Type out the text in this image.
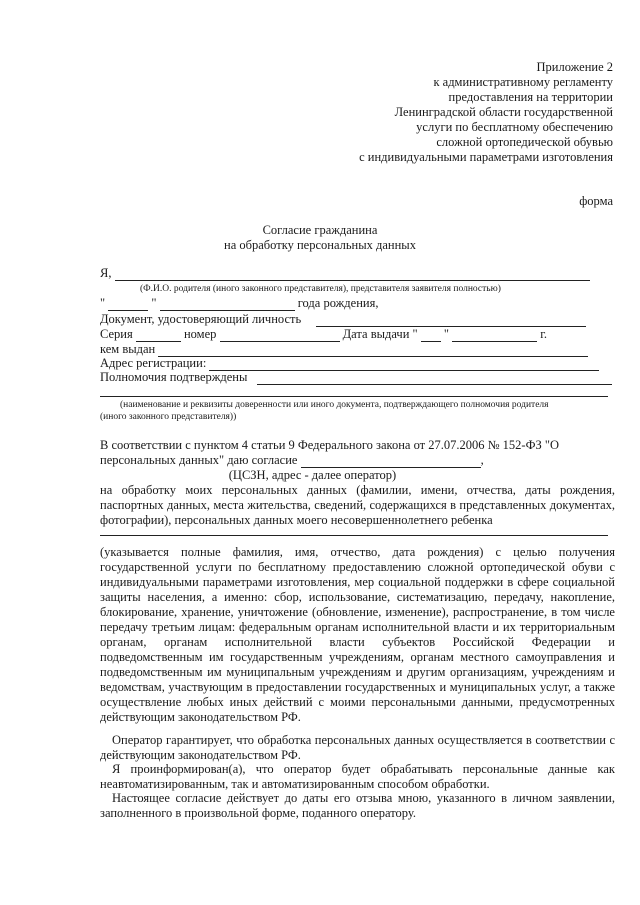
Приложение 2
к административному регламенту
предоставления на территории
Ленинградской области государственной
услуги по бесплатному обеспечению
сложной ортопедической обувью
с индивидуальными параметрами изготовления
форма
Согласие гражданина
на обработку персональных данных
Я,
(Ф.И.О. родителя (иного законного представителя), представителя заявителя полностью)
"	"	года рождения,
Документ, удостоверяющий личность
Серия	номер	Дата выдачи " "	г.
кем выдан
Адрес регистрации:
Полномочия подтверждены
(наименование и реквизиты доверенности или иного документа, подтверждающего полномочия родителя
(иного законного представителя))
В соответствии с пунктом 4 статьи 9 Федерального закона от 27.07.2006 № 152-ФЗ "О
персональных данных" даю согласие	,
(ЦСЗН, адрес - далее оператор)
на обработку моих персональных данных (фамилии, имени, отчества, даты рождения, паспортных данных, места жительства, сведений, содержащихся в представленных документах, фотографии), персональных данных моего несовершеннолетнего ребенка
(указывается полные фамилия, имя, отчество, дата рождения) с целью получения государственной услуги по бесплатному предоставлению сложной ортопедической обуви с индивидуальными параметрами изготовления, мер социальной поддержки в сфере социальной защиты населения, а именно: сбор, использование, систематизацию, передачу, накопление, блокирование, хранение, уничтожение (обновление, изменение), распространение, в том числе передачу третьим лицам: федеральным органам исполнительной власти и их территориальным органам, органам исполнительной власти субъектов Российской Федерации и подведомственным им государственным учреждениям, органам местного самоуправления и подведомственным им муниципальным учреждениям и другим организациям, учреждениям и ведомствам, участвующим в предоставлении государственных и муниципальных услуг, а также осуществление любых иных действий с моими персональными данными, предусмотренных действующим законодательством РФ.
Оператор гарантирует, что обработка персональных данных осуществляется в соответствии с действующим законодательством РФ.
Я проинформирован(а), что оператор будет обрабатывать персональные данные как неавтоматизированным, так и автоматизированным способом обработки.
Настоящее согласие действует до даты его отзыва мною, указанного в личном заявлении, заполненного в произвольной форме, поданного оператору.
